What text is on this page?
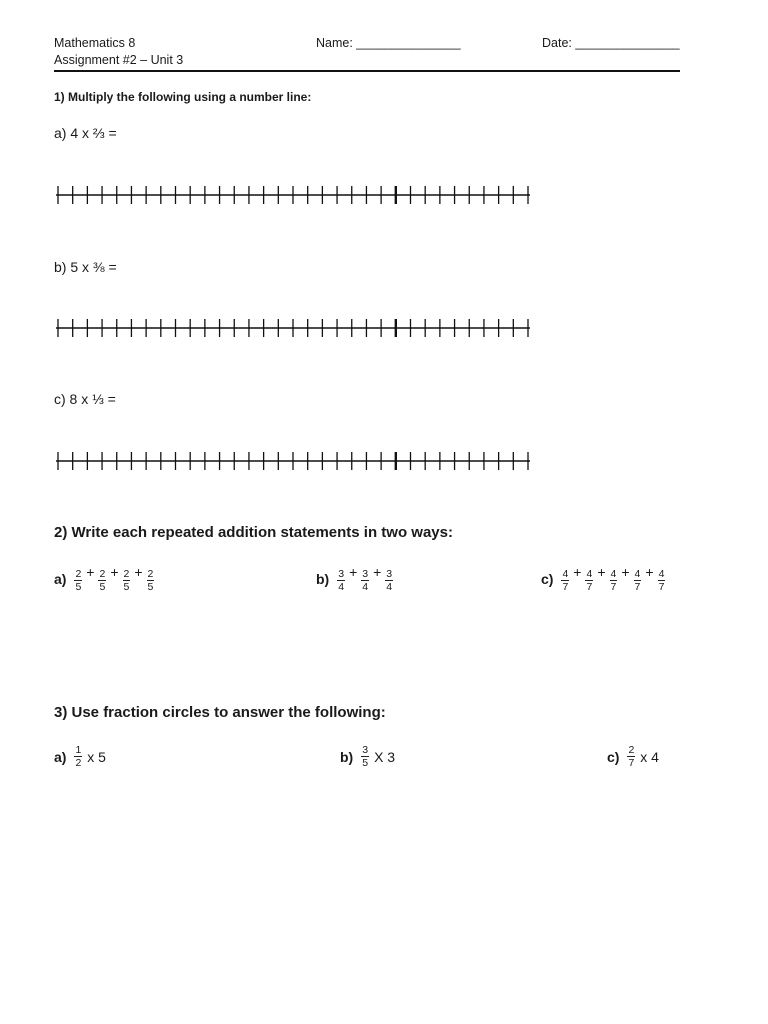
Mathematics 8
Assignment #2 – Unit 3
Name: _______________	Date: _______________
1) Multiply the following using a number line:
a) 4 x ⅔ =
b) 5 x ⅜ =
c) 8 x ⅓ =
2) Write each repeated addition statements in two ways:
$a) \frac{2}{5} + \frac{2}{5} + \frac{2}{5} + \frac{2}{5}$	$b) \frac{3}{4} + \frac{3}{4} + \frac{3}{4}$	$c) \frac{4}{7} + \frac{4}{7} + \frac{4}{7} + \frac{4}{7} + \frac{4}{7}$
3) Use fraction circles to answer the following:
$a) \frac{1}{2}$ x 5	$b) \frac{3}{5}$ X 3	$c) \frac{2}{7}$ x 4
